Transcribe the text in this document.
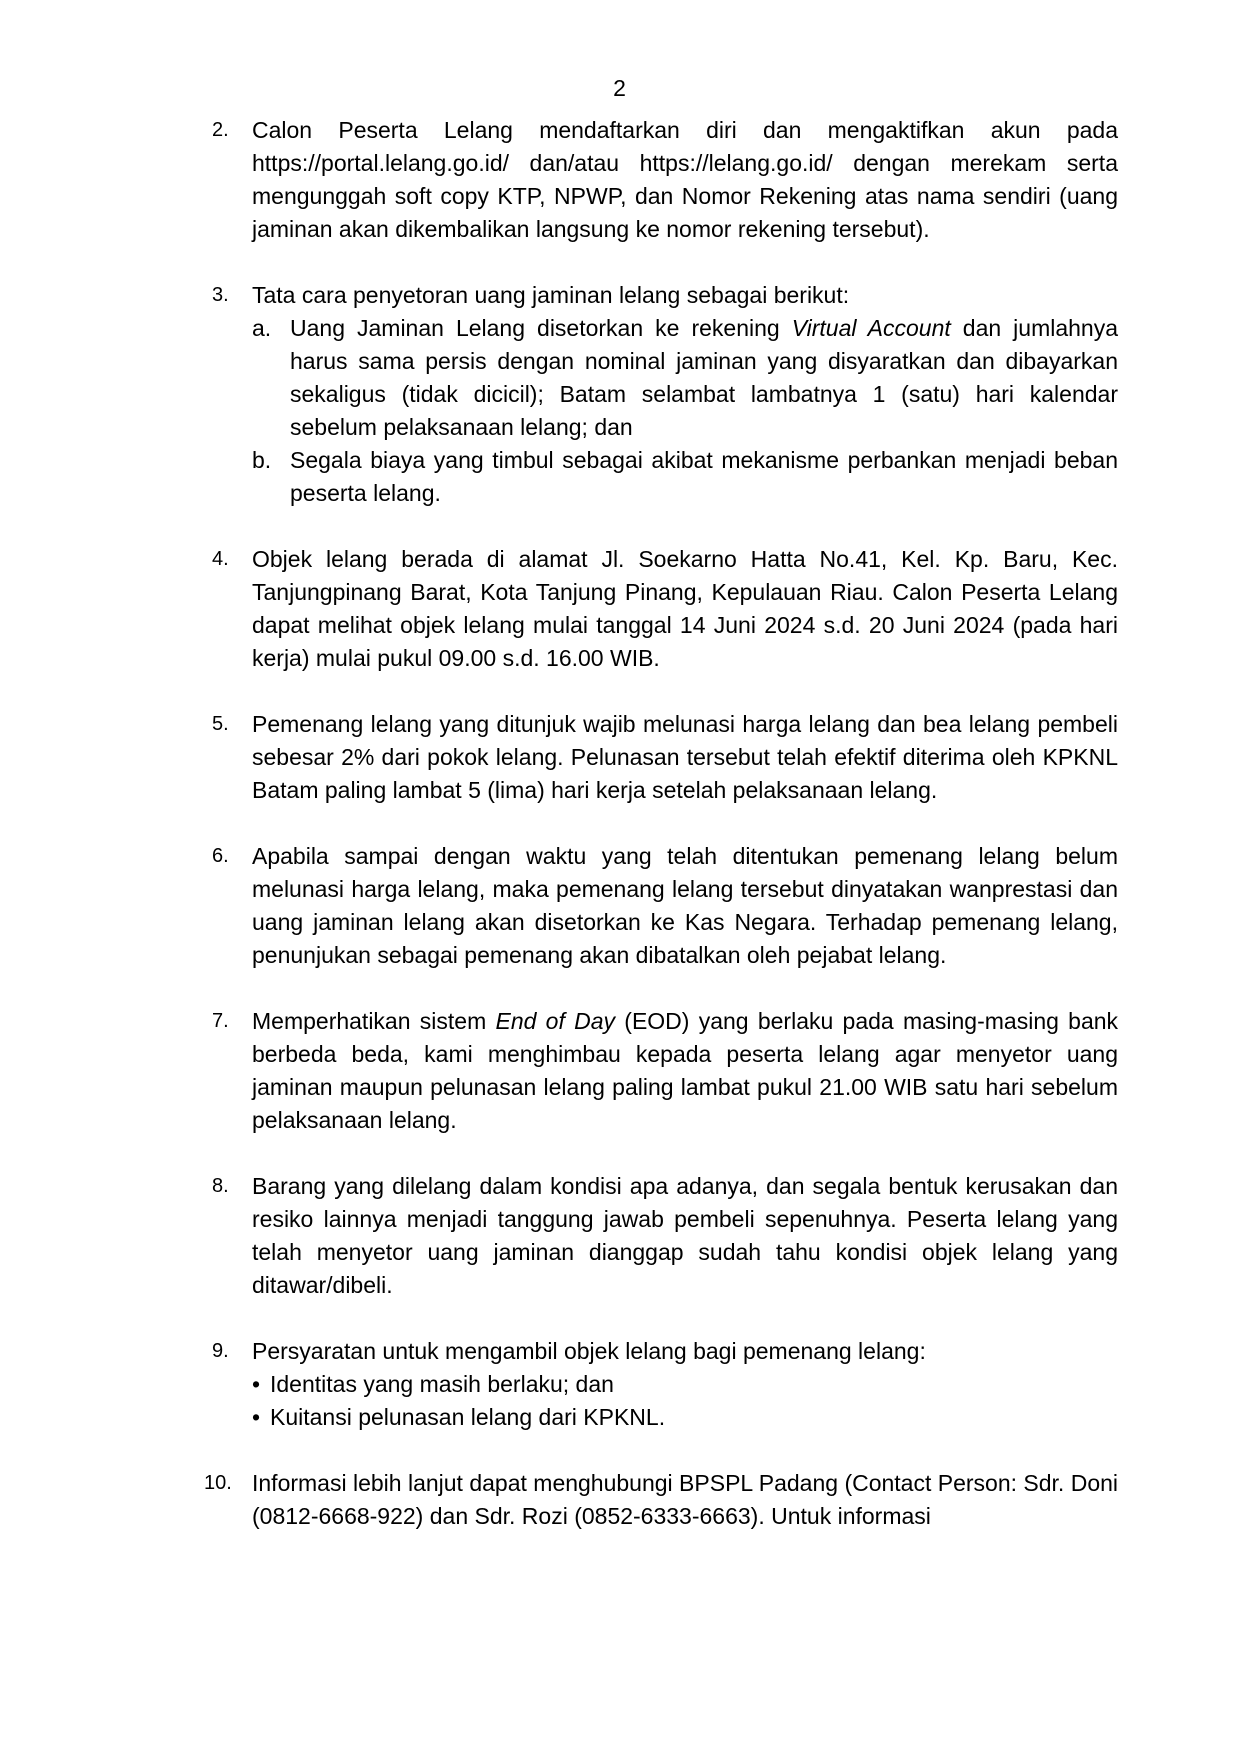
2
2.	Calon Peserta Lelang mendaftarkan diri dan mengaktifkan akun pada https://portal.lelang.go.id/ dan/atau https://lelang.go.id/ dengan merekam serta mengunggah soft copy KTP, NPWP, dan Nomor Rekening atas nama sendiri (uang jaminan akan dikembalikan langsung ke nomor rekening tersebut).
3.	Tata cara penyetoran uang jaminan lelang sebagai berikut:
a. Uang Jaminan Lelang disetorkan ke rekening Virtual Account dan jumlahnya harus sama persis dengan nominal jaminan yang disyaratkan dan dibayarkan sekaligus (tidak dicicil); Batam selambat lambatnya 1 (satu) hari kalendar sebelum pelaksanaan lelang; dan
b. Segala biaya yang timbul sebagai akibat mekanisme perbankan menjadi beban peserta lelang.
4.	Objek lelang berada di alamat Jl. Soekarno Hatta No.41, Kel. Kp. Baru, Kec. Tanjungpinang Barat, Kota Tanjung Pinang, Kepulauan Riau. Calon Peserta Lelang dapat melihat objek lelang mulai tanggal 14 Juni 2024 s.d. 20 Juni 2024 (pada hari kerja) mulai pukul 09.00 s.d. 16.00 WIB.
5.	Pemenang lelang yang ditunjuk wajib melunasi harga lelang dan bea lelang pembeli sebesar 2% dari pokok lelang. Pelunasan tersebut telah efektif diterima oleh KPKNL Batam paling lambat 5 (lima) hari kerja setelah pelaksanaan lelang.
6.	Apabila sampai dengan waktu yang telah ditentukan pemenang lelang belum melunasi harga lelang, maka pemenang lelang tersebut dinyatakan wanprestasi dan uang jaminan lelang akan disetorkan ke Kas Negara. Terhadap pemenang lelang, penunjukan sebagai pemenang akan dibatalkan oleh pejabat lelang.
7.	Memperhatikan sistem End of Day (EOD) yang berlaku pada masing-masing bank berbeda beda, kami menghimbau kepada peserta lelang agar menyetor uang jaminan maupun pelunasan lelang paling lambat pukul 21.00 WIB satu hari sebelum pelaksanaan lelang.
8.	Barang yang dilelang dalam kondisi apa adanya, dan segala bentuk kerusakan dan resiko lainnya menjadi tanggung jawab pembeli sepenuhnya. Peserta lelang yang telah menyetor uang jaminan dianggap sudah tahu kondisi objek lelang yang ditawar/dibeli.
9.	Persyaratan untuk mengambil objek lelang bagi pemenang lelang:
• Identitas yang masih berlaku; dan
• Kuitansi pelunasan lelang dari KPKNL.
10. Informasi lebih lanjut dapat menghubungi BPSPL Padang (Contact Person: Sdr. Doni (0812-6668-922) dan Sdr. Rozi (0852-6333-6663). Untuk informasi
